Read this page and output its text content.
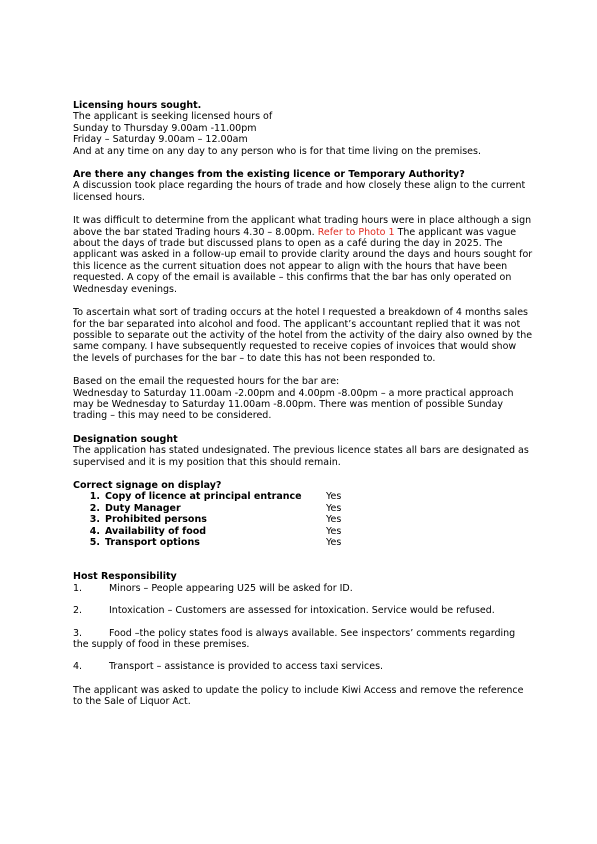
Licensing hours sought.

The applicant is seeking licensed hours of

Sunday to Thursday 9.00am -11.00pm

Friday – Saturday 9.00am – 12.00am

And at any time on any day to any person who is for that time living on the premises.

Are there any changes from the existing licence or Temporary Authority?

A discussion took place regarding the hours of trade and how closely these align to the current licensed hours.

It was difficult to determine from the applicant what trading hours were in place although a sign above the bar stated Trading hours 4.30 – 8.00pm. Refer to Photo 1 The applicant was vague about the days of trade but discussed plans to open as a café during the day in 2025. The applicant was asked in a follow-up email to provide clarity around the days and hours sought for this licence as the current situation does not appear to align with the hours that have been requested. A copy of the email is available – this confirms that the bar has only operated on Wednesday evenings.

To ascertain what sort of trading occurs at the hotel I requested a breakdown of 4 months sales for the bar separated into alcohol and food. The applicant’s accountant replied that it was not possible to separate out the activity of the hotel from the activity of the dairy also owned by the same company. I have subsequently requested to receive copies of invoices that would show the levels of purchases for the bar – to date this has not been responded to.

Based on the email the requested hours for the bar are:

Wednesday to Saturday 11.00am -2.00pm and 4.00pm -8.00pm – a more practical approach may be Wednesday to Saturday 11.00am -8.00pm. There was mention of possible Sunday trading – this may need to be considered.

Designation sought

The application has stated undesignated. The previous licence states all bars are designated as supervised and it is my position that this should remain.

Correct signage on display?

1. Copy of licence at principal entrance	Yes
2. Duty Manager	Yes
3. Prohibited persons	Yes
4. Availability of food	Yes
5. Transport options	Yes

Host Responsibility

1.	Minors – People appearing U25 will be asked for ID.
2.	Intoxication – Customers are assessed for intoxication. Service would be refused.
3.	Food –the policy states food is always available. See inspectors’ comments regarding
the supply of food in these premises.
4.	Transport – assistance is provided to access taxi services.

The applicant was asked to update the policy to include Kiwi Access and remove the reference to the Sale of Liquor Act.
